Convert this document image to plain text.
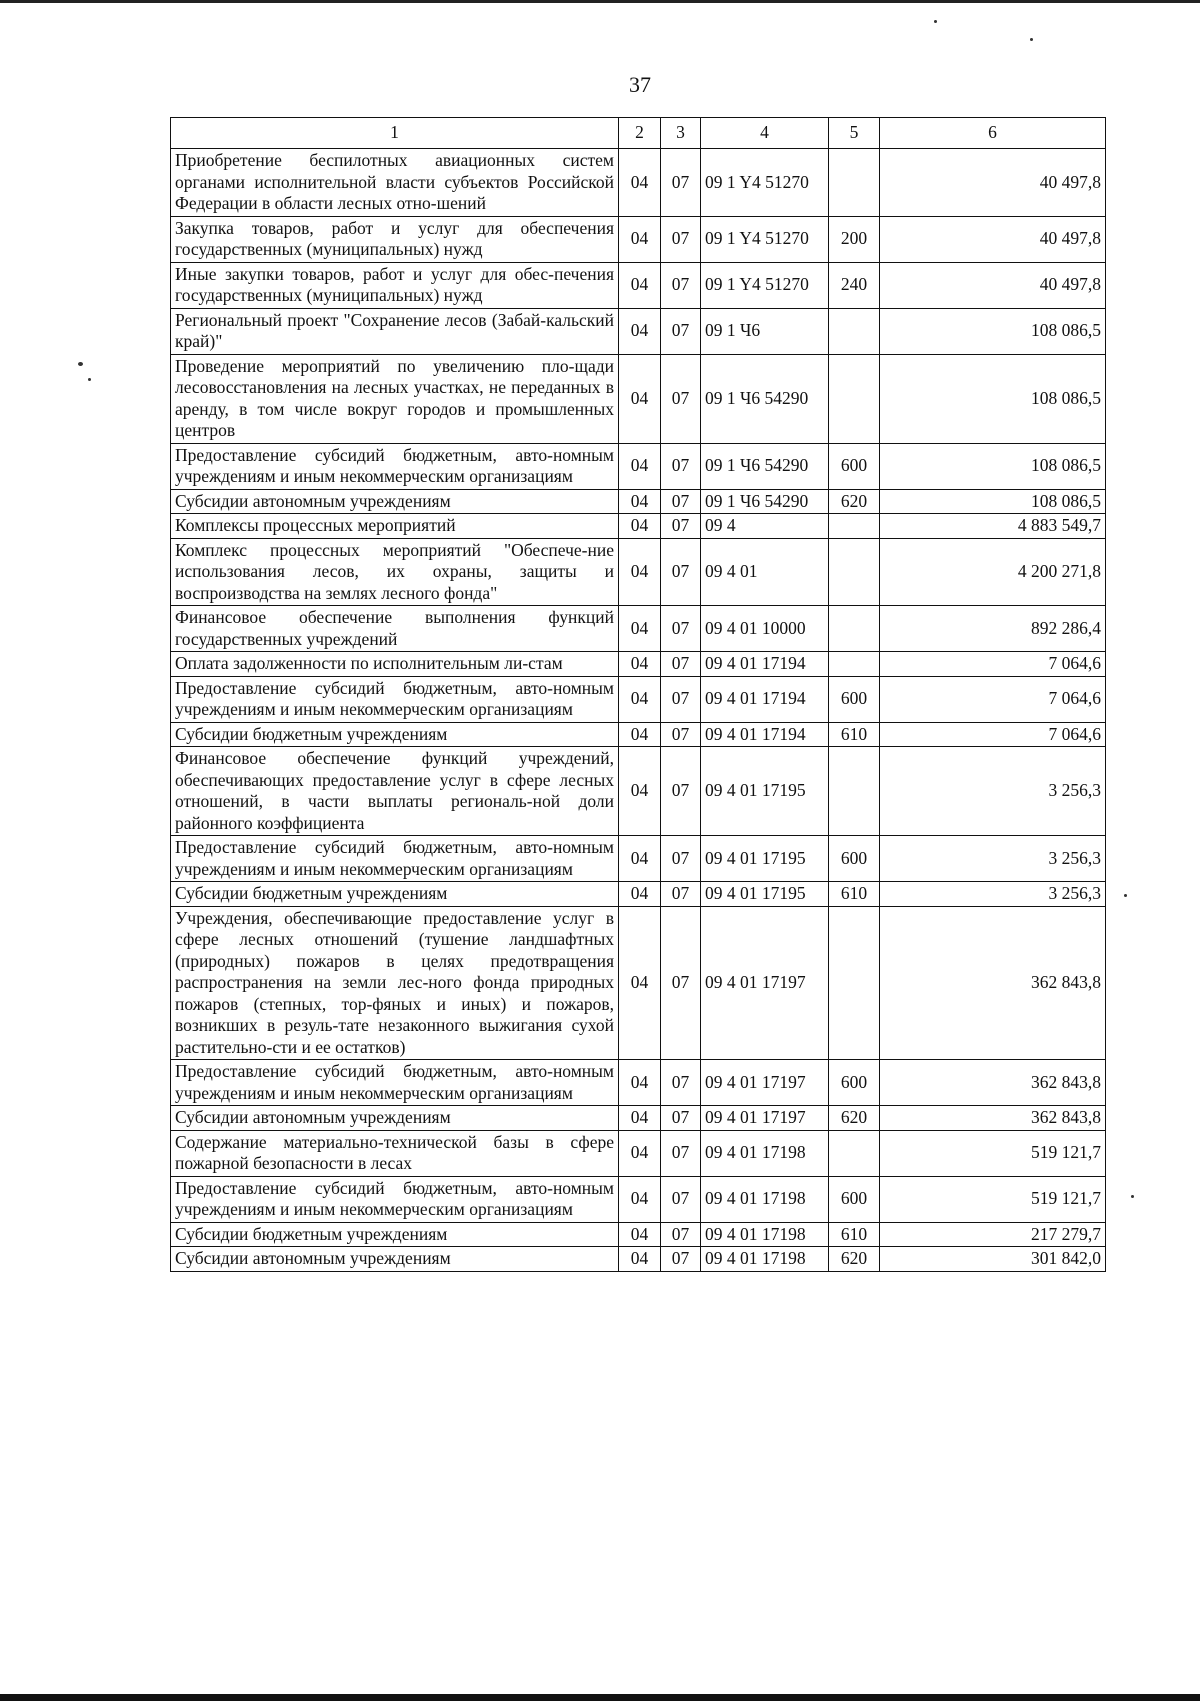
37
1	2	3	4	5	6
Приобретение беспилотных авиационных систем органами исполнительной власти субъектов Российской Федерации в области лесных отно-шений	04	07	09 1 Y4 51270		40 497,8
Закупка товаров, работ и услуг для обеспечения государственных (муниципальных) нужд	04	07	09 1 Y4 51270	200	40 497,8
Иные закупки товаров, работ и услуг для обес-печения государственных (муниципальных) нужд	04	07	09 1 Y4 51270	240	40 497,8
Региональный проект "Сохранение лесов (Забай-кальский край)"	04	07	09 1 Ч6		108 086,5
Проведение мероприятий по увеличению пло-щади лесовосстановления на лесных участках, не переданных в аренду, в том числе вокруг городов и промышленных центров	04	07	09 1 Ч6 54290		108 086,5
Предоставление субсидий бюджетным, авто-номным учреждениям и иным некоммерческим организациям	04	07	09 1 Ч6 54290	600	108 086,5
Субсидии автономным учреждениям	04	07	09 1 Ч6 54290	620	108 086,5
Комплексы процессных мероприятий	04	07	09 4		4 883 549,7
Комплекс процессных мероприятий "Обеспече-ние использования лесов, их охраны, защиты и воспроизводства на землях лесного фонда"	04	07	09 4 01		4 200 271,8
Финансовое обеспечение выполнения функций государственных учреждений	04	07	09 4 01 10000		892 286,4
Оплата задолженности по исполнительным ли-стам	04	07	09 4 01 17194		7 064,6
Предоставление субсидий бюджетным, авто-номным учреждениям и иным некоммерческим организациям	04	07	09 4 01 17194	600	7 064,6
Субсидии бюджетным учреждениям	04	07	09 4 01 17194	610	7 064,6
Финансовое обеспечение функций учреждений, обеспечивающих предоставление услуг в сфере лесных отношений, в части выплаты региональ-ной доли районного коэффициента	04	07	09 4 01 17195		3 256,3
Предоставление субсидий бюджетным, авто-номным учреждениям и иным некоммерческим организациям	04	07	09 4 01 17195	600	3 256,3
Субсидии бюджетным учреждениям	04	07	09 4 01 17195	610	3 256,3
Учреждения, обеспечивающие предоставление услуг в сфере лесных отношений (тушение ландшафтных (природных) пожаров в целях предотвращения распространения на земли лес-ного фонда природных пожаров (степных, тор-фяных и иных) и пожаров, возникших в резуль-тате незаконного выжигания сухой растительно-сти и ее остатков)	04	07	09 4 01 17197		362 843,8
Предоставление субсидий бюджетным, авто-номным учреждениям и иным некоммерческим организациям	04	07	09 4 01 17197	600	362 843,8
Субсидии автономным учреждениям	04	07	09 4 01 17197	620	362 843,8
Содержание материально-технической базы в сфере пожарной безопасности в лесах	04	07	09 4 01 17198		519 121,7
Предоставление субсидий бюджетным, авто-номным учреждениям и иным некоммерческим организациям	04	07	09 4 01 17198	600	519 121,7
Субсидии бюджетным учреждениям	04	07	09 4 01 17198	610	217 279,7
Субсидии автономным учреждениям	04	07	09 4 01 17198	620	301 842,0
